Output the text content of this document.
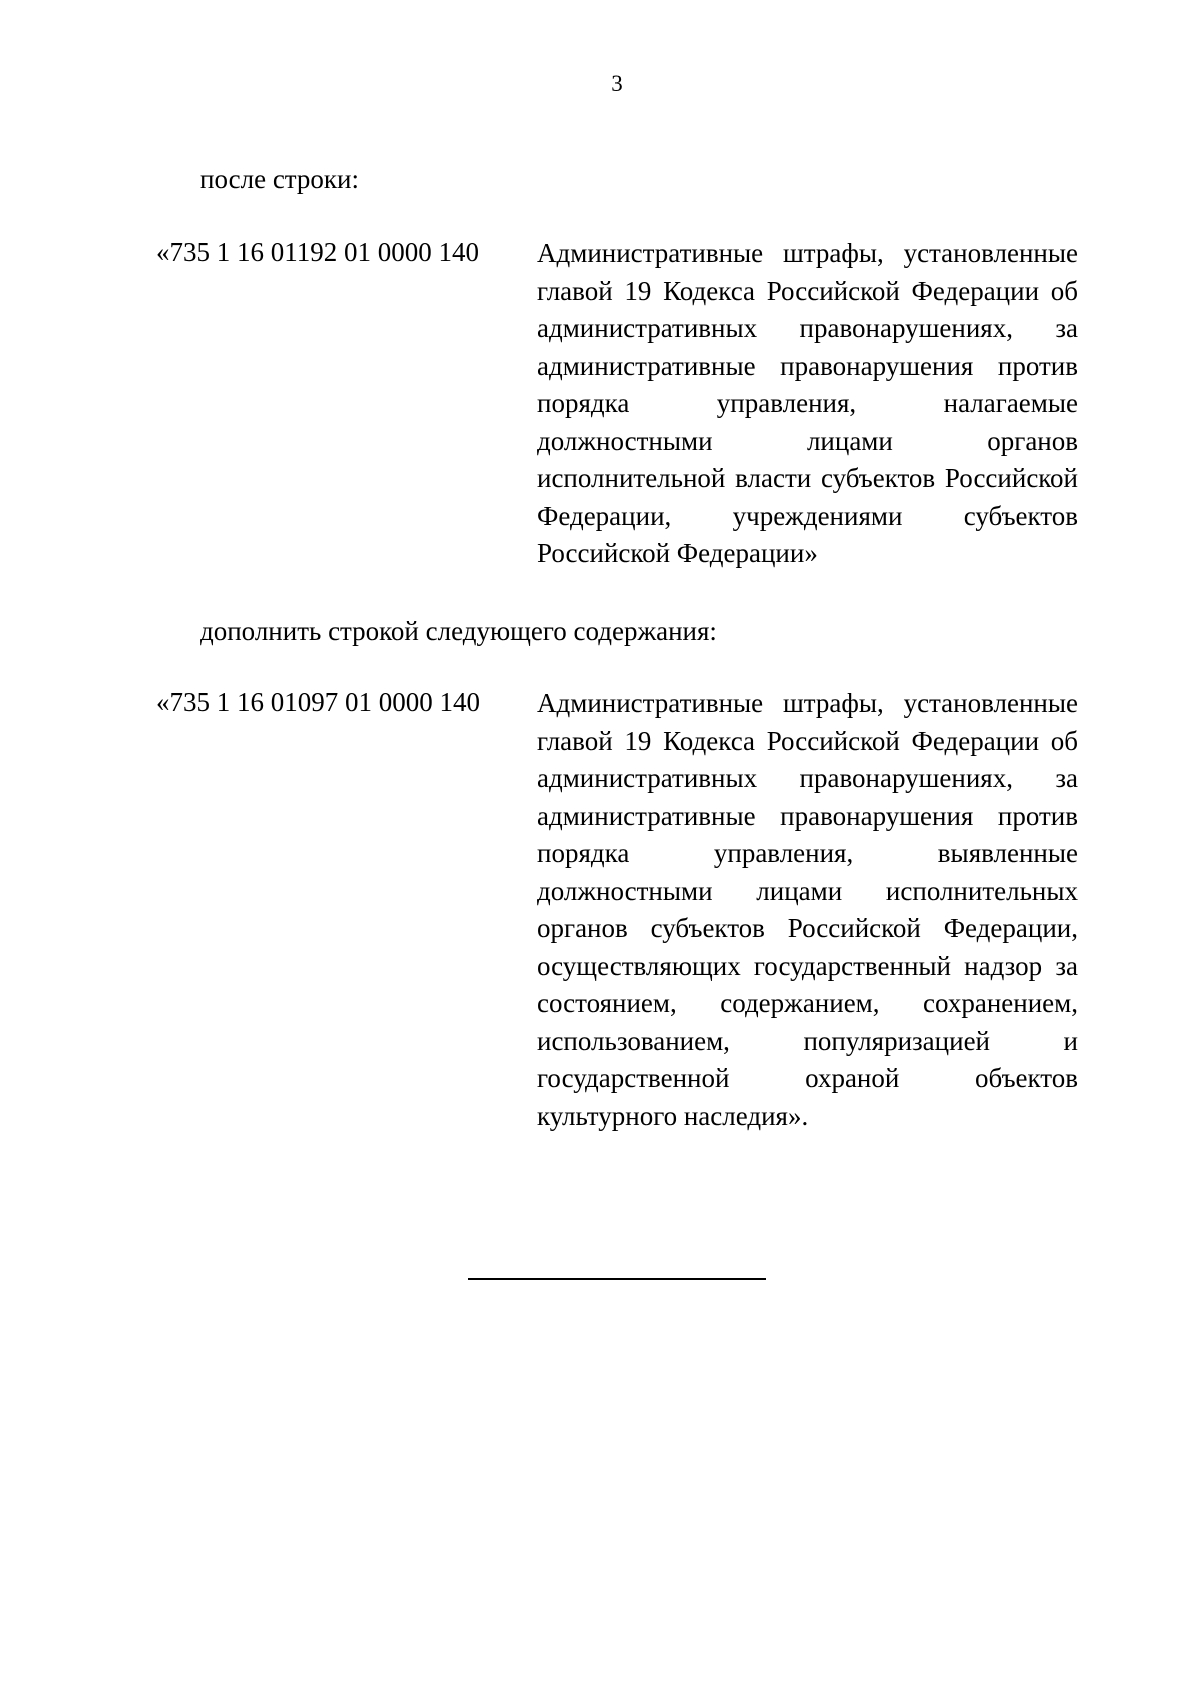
3
после строки:
«735 1 16 01192 01 0000 140 Административные штрафы, установленные главой 19 Кодекса Российской Федерации об административных правонарушениях, за административные правонарушения против порядка управления, налагаемые должностными лицами органов исполнительной власти субъектов Российской Федерации, учреждениями субъектов Российской Федерации»
дополнить строкой следующего содержания:
«735 1 16 01097 01 0000 140 Административные штрафы, установленные главой 19 Кодекса Российской Федерации об административных правонарушениях, за административные правонарушения против порядка управления, выявленные должностными лицами исполнительных органов субъектов Российской Федерации, осуществляющих государственный надзор за состоянием, содержанием, сохранением, использованием, популяризацией и государственной охраной объектов культурного наследия».
